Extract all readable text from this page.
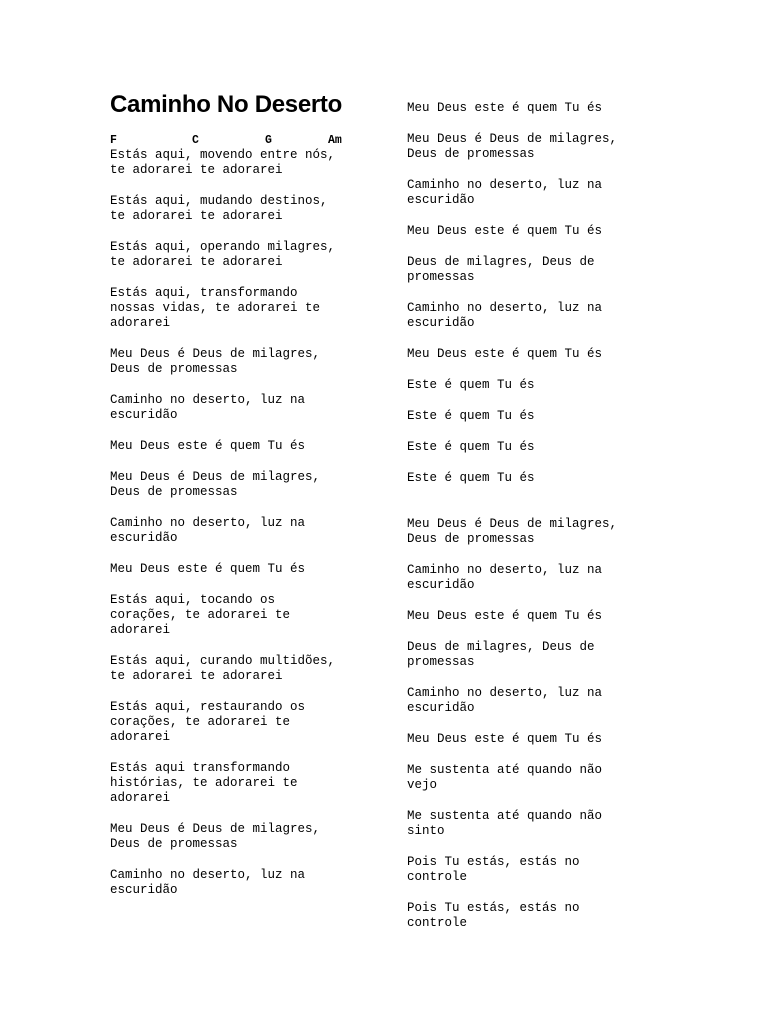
Caminho No Deserto
F	C	G	Am

Estás aqui, movendo entre nós,
te adorarei te adorarei

Estás aqui, mudando destinos,
te adorarei te adorarei

Estás aqui, operando milagres,
te adorarei te adorarei

Estás aqui, transformando
nossas vidas, te adorarei te
adorarei

Meu Deus é Deus de milagres,
Deus de promessas

Caminho no deserto, luz na
escuridão

Meu Deus este é quem Tu és

Meu Deus é Deus de milagres,
Deus de promessas

Caminho no deserto, luz na
escuridão

Meu Deus este é quem Tu és

Estás aqui, tocando os
corações, te adorarei te
adorarei

Estás aqui, curando multidões,
te adorarei te adorarei

Estás aqui, restaurando os
corações, te adorarei te
adorarei

Estás aqui transformando
histórias, te adorarei te
adorarei

Meu Deus é Deus de milagres,
Deus de promessas

Caminho no deserto, luz na
escuridão

Meu Deus este é quem Tu és

Meu Deus é Deus de milagres,
Deus de promessas

Caminho no deserto, luz na
escuridão

Meu Deus este é quem Tu és

Deus de milagres, Deus de
promessas

Caminho no deserto, luz na
escuridão

Meu Deus este é quem Tu és

Este é quem Tu és

Este é quem Tu és

Este é quem Tu és

Este é quem Tu és

Meu Deus é Deus de milagres,
Deus de promessas

Caminho no deserto, luz na
escuridão

Meu Deus este é quem Tu és

Deus de milagres, Deus de
promessas

Caminho no deserto, luz na
escuridão

Meu Deus este é quem Tu és

Me sustenta até quando não
vejo

Me sustenta até quando não
sinto

Pois Tu estás, estás no
controle

Pois Tu estás, estás no
controle
